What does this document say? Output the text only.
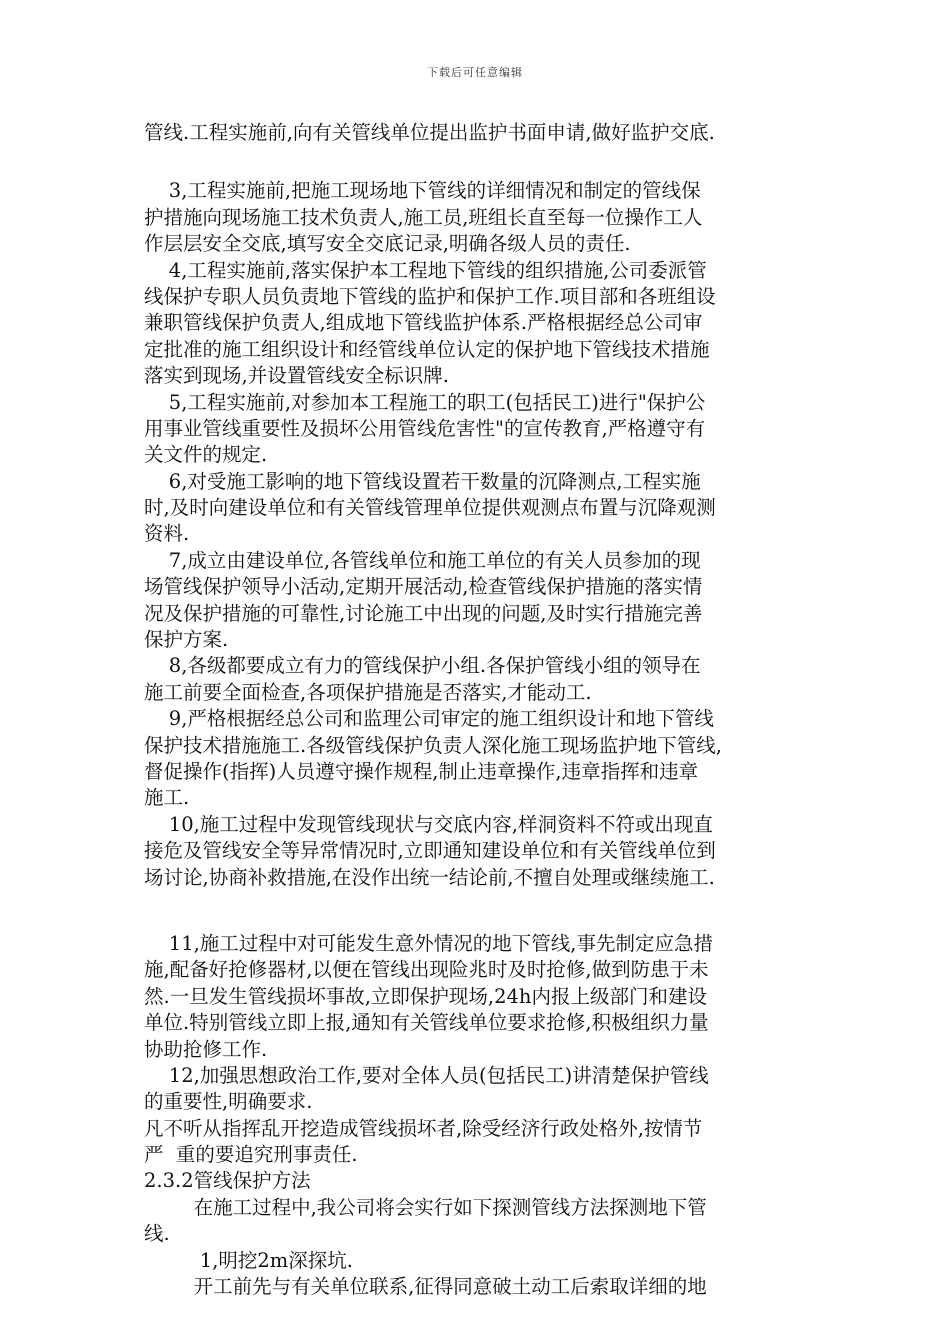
下载后可任意编辑
管线.工程实施前,向有关管线单位提出监护书面申请,做好监护交底.
3,工程实施前,把施工现场地下管线的详细情况和制定的管线保
护措施向现场施工技术负责人,施工员,班组长直至每一位操作工人
作层层安全交底,填写安全交底记录,明确各级人员的责任.
4,工程实施前,落实保护本工程地下管线的组织措施,公司委派管
线保护专职人员负责地下管线的监护和保护工作.项目部和各班组设
兼职管线保护负责人,组成地下管线监护体系.严格根据经总公司审
定批准的施工组织设计和经管线单位认定的保护地下管线技术措施
落实到现场,并设置管线安全标识牌.
5,工程实施前,对参加本工程施工的职工(包括民工)进行"保护公
用事业管线重要性及损坏公用管线危害性"的宣传教育,严格遵守有
关文件的规定.
6,对受施工影响的地下管线设置若干数量的沉降测点,工程实施
时,及时向建设单位和有关管线管理单位提供观测点布置与沉降观测
资料.
7,成立由建设单位,各管线单位和施工单位的有关人员参加的现
场管线保护领导小活动,定期开展活动,检查管线保护措施的落实情
况及保护措施的可靠性,讨论施工中出现的问题,及时实行措施完善
保护方案.
8,各级都要成立有力的管线保护小组.各保护管线小组的领导在
施工前要全面检查,各项保护措施是否落实,才能动工.
9,严格根据经总公司和监理公司审定的施工组织设计和地下管线
保护技术措施施工.各级管线保护负责人深化施工现场监护地下管线,
督促操作(指挥)人员遵守操作规程,制止违章操作,违章指挥和违章
施工.
10,施工过程中发现管线现状与交底内容,样洞资料不符或出现直
接危及管线安全等异常情况时,立即通知建设单位和有关管线单位到
场讨论,协商补救措施,在没作出统一结论前,不擅自处理或继续施工.
11,施工过程中对可能发生意外情况的地下管线,事先制定应急措
施,配备好抢修器材,以便在管线出现险兆时及时抢修,做到防患于未
然.一旦发生管线损坏事故,立即保护现场,24h内报上级部门和建设
单位.特别管线立即上报,通知有关管线单位要求抢修,积极组织力量
协助抢修工作.
12,加强思想政治工作,要对全体人员(包括民工)讲清楚保护管线
的重要性,明确要求.
凡不听从指挥乱开挖造成管线损坏者,除受经济行政处格外,按情节
严  重的要追究刑事责任.
2.3.2管线保护方法
在施工过程中,我公司将会实行如下探测管线方法探测地下管
线.
1,明挖2m深探坑.
开工前先与有关单位联系,征得同意破土动工后索取详细的地
